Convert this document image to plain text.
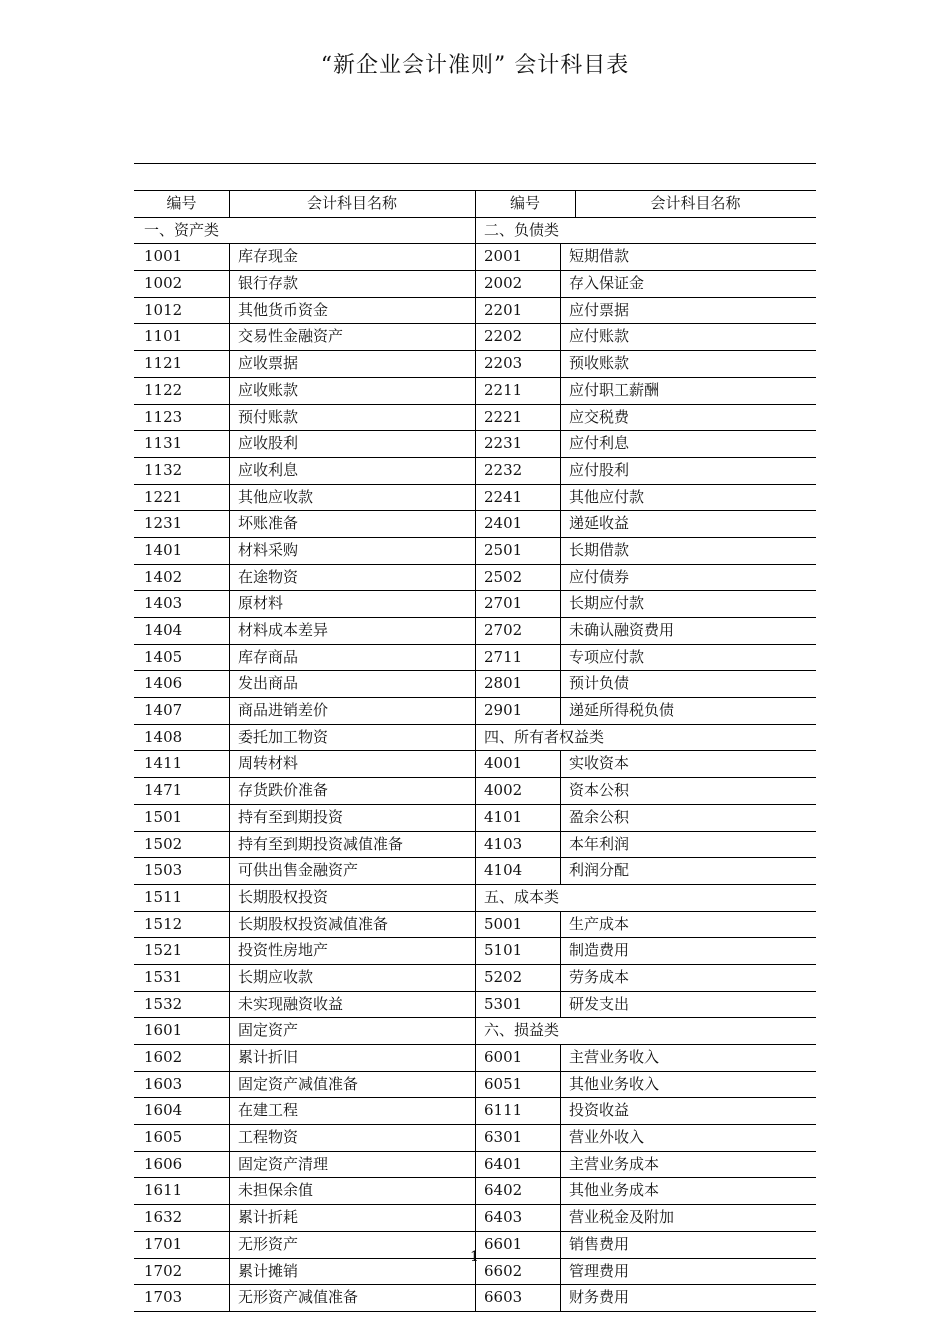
“新企业会计准则” 会计科目表
编号	会计科目名称	编号	会计科目名称
一、资产类	二、负债类
1001	库存现金	2001	短期借款
1002	银行存款	2002	存入保证金
1012	其他货币资金	2201	应付票据
1101	交易性金融资产	2202	应付账款
1121	应收票据	2203	预收账款
1122	应收账款	2211	应付职工薪酬
1123	预付账款	2221	应交税费
1131	应收股利	2231	应付利息
1132	应收利息	2232	应付股利
1221	其他应收款	2241	其他应付款
1231	坏账准备	2401	递延收益
1401	材料采购	2501	长期借款
1402	在途物资	2502	应付债券
1403	原材料	2701	长期应付款
1404	材料成本差异	2702	未确认融资费用
1405	库存商品	2711	专项应付款
1406	发出商品	2801	预计负债
1407	商品进销差价	2901	递延所得税负债
1408	委托加工物资	四、所有者权益类
1411	周转材料	4001	实收资本
1471	存货跌价准备	4002	资本公积
1501	持有至到期投资	4101	盈余公积
1502	持有至到期投资减值准备	4103	本年利润
1503	可供出售金融资产	4104	利润分配
1511	长期股权投资	五、成本类
1512	长期股权投资减值准备	5001	生产成本
1521	投资性房地产	5101	制造费用
1531	长期应收款	5202	劳务成本
1532	未实现融资收益	5301	研发支出
1601	固定资产	六、损益类
1602	累计折旧	6001	主营业务收入
1603	固定资产减值准备	6051	其他业务收入
1604	在建工程	6111	投资收益
1605	工程物资	6301	营业外收入
1606	固定资产清理	6401	主营业务成本
1611	未担保余值	6402	其他业务成本
1632	累计折耗	6403	营业税金及附加
1701	无形资产	6601	销售费用
1702	累计摊销	6602	管理费用
1703	无形资产减值准备	6603	财务费用
1
